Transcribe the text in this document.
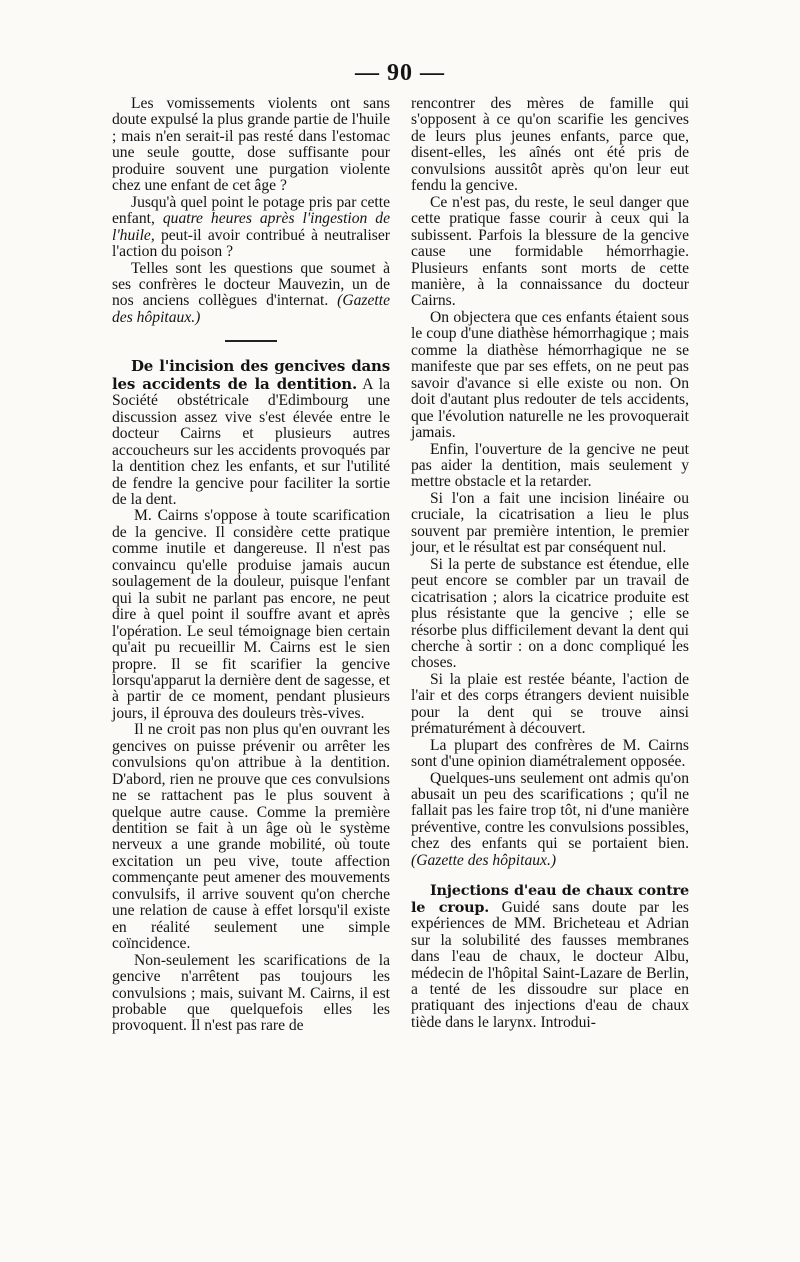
— 90 —

Les vomissements violents ont sans doute expulsé la plus grande partie de l'huile ; mais n'en serait-il pas resté dans l'estomac une seule goutte, dose suffisante pour produire souvent une purgation violente chez une enfant de cet âge ?

Jusqu'à quel point le potage pris par cette enfant, quatre heures après l'ingestion de l'huile, peut-il avoir contribué à neutraliser l'action du poison ?

Telles sont les questions que soumet à ses confrères le docteur Mauvezin, un de nos anciens collègues d'internat. (Gazette des hôpitaux.)

De l'incision des gencives dans les accidents de la dentition. A la Société obstétricale d'Edimbourg une discussion assez vive s'est élevée entre le docteur Cairns et plusieurs autres accoucheurs sur les accidents provoqués par la dentition chez les enfants, et sur l'utilité de fendre la gencive pour faciliter la sortie de la dent.

M. Cairns s'oppose à toute scarification de la gencive. Il considère cette pratique comme inutile et dangereuse. Il n'est pas convaincu qu'elle produise jamais aucun soulagement de la douleur, puisque l'enfant qui la subit ne parlant pas encore, ne peut dire à quel point il souffre avant et après l'opération. Le seul témoignage bien certain qu'ait pu recueillir M. Cairns est le sien propre. Il se fit scarifier la gencive lorsqu'apparut la dernière dent de sagesse, et à partir de ce moment, pendant plusieurs jours, il éprouva des douleurs très-vives.

Il ne croit pas non plus qu'en ouvrant les gencives on puisse prévenir ou arrêter les convulsions qu'on attribue à la dentition. D'abord, rien ne prouve que ces convulsions ne se rattachent pas le plus souvent à quelque autre cause. Comme la première dentition se fait à un âge où le système nerveux a une grande mobilité, où toute excitation un peu vive, toute affection commençante peut amener des mouvements convulsifs, il arrive souvent qu'on cherche une relation de cause à effet lorsqu'il existe en réalité seulement une simple coïncidence.

Non-seulement les scarifications de la gencive n'arrêtent pas toujours les convulsions ; mais, suivant M. Cairns, il est probable que quelquefois elles les provoquent. Il n'est pas rare de

rencontrer des mères de famille qui s'opposent à ce qu'on scarifie les gencives de leurs plus jeunes enfants, parce que, disent-elles, les aînés ont été pris de convulsions aussitôt après qu'on leur eut fendu la gencive.

Ce n'est pas, du reste, le seul danger que cette pratique fasse courir à ceux qui la subissent. Parfois la blessure de la gencive cause une formidable hémorrhagie. Plusieurs enfants sont morts de cette manière, à la connaissance du docteur Cairns.

On objectera que ces enfants étaient sous le coup d'une diathèse hémorrhagique ; mais comme la diathèse hémorrhagique ne se manifeste que par ses effets, on ne peut pas savoir d'avance si elle existe ou non. On doit d'autant plus redouter de tels accidents, que l'évolution naturelle ne les provoquerait jamais.

Enfin, l'ouverture de la gencive ne peut pas aider la dentition, mais seulement y mettre obstacle et la retarder.

Si l'on a fait une incision linéaire ou cruciale, la cicatrisation a lieu le plus souvent par première intention, le premier jour, et le résultat est par conséquent nul.

Si la perte de substance est étendue, elle peut encore se combler par un travail de cicatrisation ; alors la cicatrice produite est plus résistante que la gencive ; elle se résorbe plus difficilement devant la dent qui cherche à sortir : on a donc compliqué les choses.

Si la plaie est restée béante, l'action de l'air et des corps étrangers devient nuisible pour la dent qui se trouve ainsi prématurément à découvert.

La plupart des confrères de M. Cairns sont d'une opinion diamétralement opposée.

Quelques-uns seulement ont admis qu'on abusait un peu des scarifications ; qu'il ne fallait pas les faire trop tôt, ni d'une manière préventive, contre les convulsions possibles, chez des enfants qui se portaient bien. (Gazette des hôpitaux.)

Injections d'eau de chaux contre le croup. Guidé sans doute par les expériences de MM. Bricheteau et Adrian sur la solubilité des fausses membranes dans l'eau de chaux, le docteur Albu, médecin de l'hôpital Saint-Lazare de Berlin, a tenté de les dissoudre sur place en pratiquant des injections d'eau de chaux tiède dans le larynx. Introdui-
